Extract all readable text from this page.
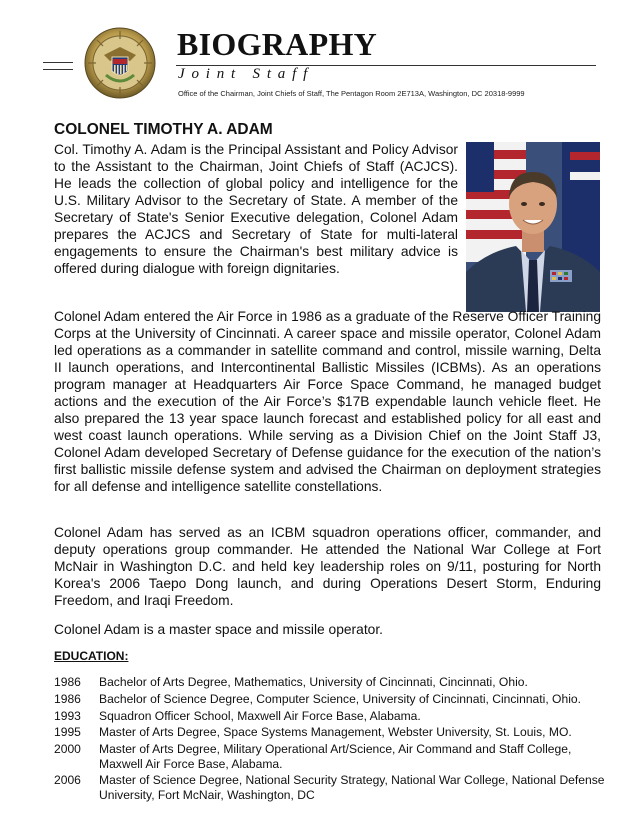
BIOGRAPHY
Joint Staff
Office of the Chairman, Joint Chiefs of Staff, The Pentagon Room 2E713A, Washington, DC 20318-9999
COLONEL TIMOTHY A. ADAM

Col. Timothy A. Adam is the Principal Assistant and Policy Advisor to the Assistant to the Chairman, Joint Chiefs of Staff (ACJCS). He leads the collection of global policy and intelligence for the U.S. Military Advisor to the Secretary of State. A member of the Secretary of State's Senior Executive delegation, Colonel Adam prepares the ACJCS and Secretary of State for multi-lateral engagements to ensure the Chairman's best military advice is offered during dialogue with foreign dignitaries.

Colonel Adam entered the Air Force in 1986 as a graduate of the Reserve Officer Training Corps at the University of Cincinnati. A career space and missile operator, Colonel Adam led operations as a commander in satellite command and control, missile warning, Delta II launch operations, and Intercontinental Ballistic Missiles (ICBMs). As an operations program manager at Headquarters Air Force Space Command, he managed budget actions and the execution of the Air Force’s $17B expendable launch vehicle fleet. He also prepared the 13 year space launch forecast and established policy for all east and west coast launch operations. While serving as a Division Chief on the Joint Staff J3, Colonel Adam developed Secretary of Defense guidance for the execution of the nation’s first ballistic missile defense system and advised the Chairman on deployment strategies for all defense and intelligence satellite constellations.

Colonel Adam has served as an ICBM squadron operations officer, commander, and deputy operations group commander. He attended the National War College at Fort McNair in Washington D.C. and held key leadership roles on 9/11, posturing for North Korea's 2006 Taepo Dong launch, and during Operations Desert Storm, Enduring Freedom, and Iraqi Freedom.

Colonel Adam is a master space and missile operator.

EDUCATION:
1986	Bachelor of Arts Degree, Mathematics, University of Cincinnati, Cincinnati, Ohio.
1986	Bachelor of Science Degree, Computer Science, University of Cincinnati, Cincinnati, Ohio.
1993	Squadron Officer School, Maxwell Air Force Base, Alabama.
1995	Master of Arts Degree, Space Systems Management, Webster University, St. Louis, MO.
2000	Master of Arts Degree, Military Operational Art/Science, Air Command and Staff College, Maxwell Air Force Base, Alabama.
2006	Master of Science Degree, National Security Strategy, National War College, National Defense University, Fort McNair, Washington, DC
